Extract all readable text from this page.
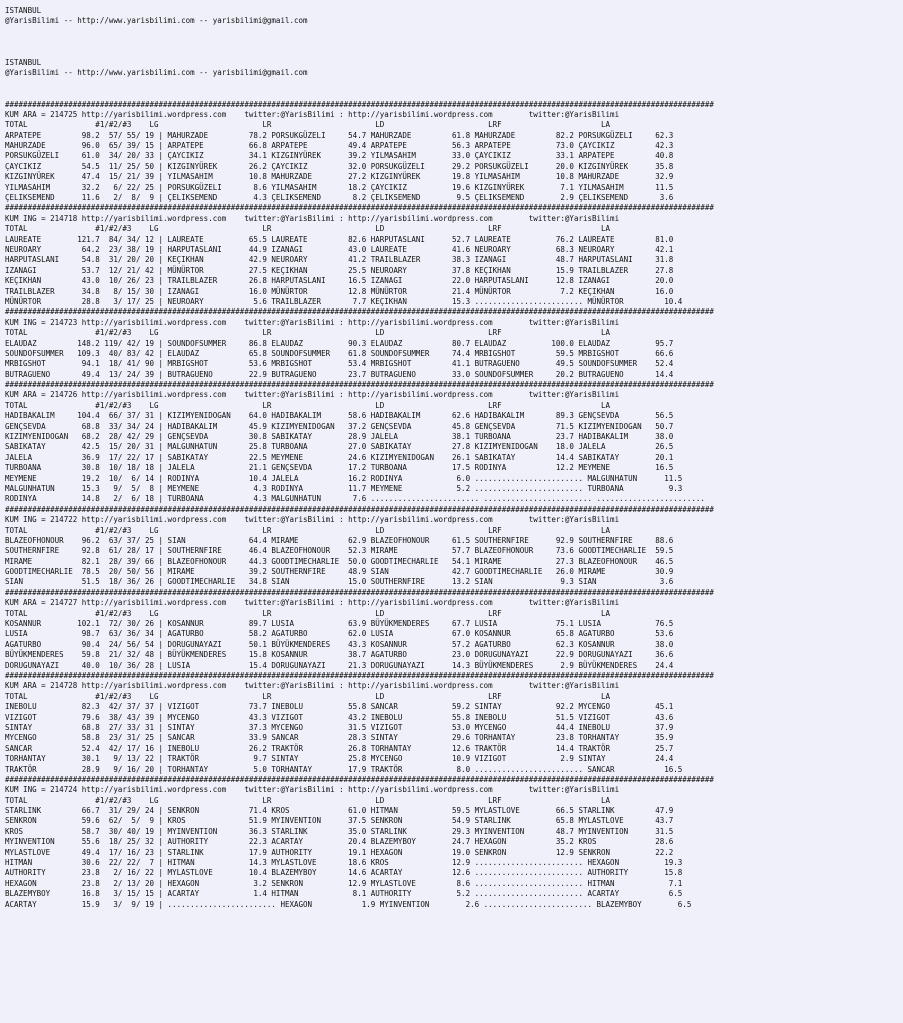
ISTANBUL
@YarisBilimi -- http://www.yarisbilimi.com -- yarisbilimi@gmail.com
ISTANBUL
@YarisBilimi -- http://www.yarisbilimi.com -- yarisbilimi@gmail.com
#############################################################################################################################################################
KUM ARA = 214725 http://yarisbilimi.wordpress.com    twitter:@YarisBilimi : http://yarisbilimi.wordpress.com        twitter:@YarisBilimi
TOTAL               #1/#2/#3    LG                       LR                       LD                       LRF                      LA
ARPATEPE         98.2  57/ 55/ 19 | MAHURZADE         78.2 PORSUKGÜZELI     54.7 MAHURZADE         61.8 MAHURZADE         82.2 PORSUKGÜZELI     62.3
MAHURZADE        96.0  65/ 39/ 15 | ARPATEPE          66.8 ARPATEPE         49.4 ARPATEPE          56.3 ARPATEPE          73.0 ÇAYCIKIZ         42.3
PORSUKGÜZELI     61.0  34/ 20/ 33 | ÇAYCIKIZ          34.1 KIZGINYÜREK      39.2 YILMASAHIM        33.0 ÇAYCIKIZ          33.1 ARPATEPE         40.8
ÇAYCIKIZ         54.5  11/ 25/ 50 | KIZGINYÜREK       26.2 ÇAYCIKIZ         32.0 PORSUKGÜZELI      29.2 PORSUKGÜZELI      20.0 KIZGINYÜREK      35.8
KIZGINYÜREK      47.4  15/ 21/ 39 | YILMASAHIM        10.8 MAHURZADE        27.2 KIZGINYÜREK       19.8 YILMASAHIM        10.8 MAHURZADE        32.9
YILMASAHIM       32.2   6/ 22/ 25 | PORSUKGÜZELI       8.6 YILMASAHIM       18.2 ÇAYCIKIZ          19.6 KIZGINYÜREK        7.1 YILMASAHIM       11.5
ÇELIKSEMEND      11.6   2/  8/  9 | ÇELIKSEMEND        4.3 ÇELIKSEMEND       8.2 ÇELIKSEMEND        9.5 ÇELIKSEMEND        2.9 ÇELIKSEMEND       3.6
#############################################################################################################################################################
KUM ING = 214718 http://yarisbilimi.wordpress.com    twitter:@YarisBilimi : http://yarisbilimi.wordpress.com        twitter:@YarisBilimi
TOTAL               #1/#2/#3    LG                       LR                       LD                       LRF                      LA
LAUREATE        121.7  84/ 34/ 12 | LAUREATE          65.5 LAUREATE         82.6 HARPUTASLANI      52.7 LAUREATE          76.2 LAUREATE         81.0
NEUROARY         64.2  23/ 38/ 19 | HARPUTASLANI      44.9 IZANAGI          43.0 LAUREATE          41.6 NEUROARY          68.3 NEUROARY         42.1
HARPUTASLANI     54.8  31/ 20/ 20 | KEÇIKHAN          42.9 NEUROARY         41.2 TRAILBLAZER       38.3 IZANAGI           48.7 HARPUTASLANI     31.8
IZANAGI          53.7  12/ 21/ 42 | MÜNÜRTOR          27.5 KEÇIKHAN         25.5 NEUROARY          37.8 KEÇIKHAN          15.9 TRAILBLAZER      27.8
KEÇIKHAN         43.0  10/ 26/ 23 | TRAILBLAZER       26.8 HARPUTASLANI     16.5 IZANAGI           22.0 HARPUTASLANI      12.8 IZANAGI          20.0
TRAILBLAZER      34.8   8/ 15/ 30 | IZANAGI           16.0 MÜNÜRTOR         12.8 MÜNÜRTOR          21.4 MÜNÜRTOR           7.2 KEÇIKHAN         16.0
MÜNÜRTOR         28.8   3/ 17/ 25 | NEUROARY           5.6 TRAILBLAZER       7.7 KEÇIKHAN          15.3 ........................ MÜNÜRTOR         10.4
#############################################################################################################################################################
KUM ING = 214723 http://yarisbilimi.wordpress.com    twitter:@YarisBilimi : http://yarisbilimi.wordpress.com        twitter:@YarisBilimi
TOTAL               #1/#2/#3    LG                       LR                       LD                       LRF                      LA
ELAUDAZ         148.2 119/ 42/ 19 | SOUNDOFSUMMER     86.8 ELAUDAZ          90.3 ELAUDAZ           80.7 ELAUDAZ          100.0 ELAUDAZ          95.7
SOUNDOFSUMMER   109.3  40/ 83/ 42 | ELAUDAZ           65.8 SOUNDOFSUMMER    61.8 SOUNDOFSUMMER     74.4 MRBIGSHOT         59.5 MRBIGSHOT        66.6
MRBIGSHOT        94.1  18/ 41/ 90 | MRBIGSHOT         53.6 MRBIGSHOT        53.4 MRBIGSHOT         41.1 BUTRAGUENO        49.5 SOUNDOFSUMMER    52.4
BUTRAGUENO       49.4  13/ 24/ 39 | BUTRAGUENO        22.9 BUTRAGUENO       23.7 BUTRAGUENO        33.0 SOUNDOFSUMMER     20.2 BUTRAGUENO       14.4
#############################################################################################################################################################
KUM ARA = 214726 http://yarisbilimi.wordpress.com    twitter:@YarisBilimi : http://yarisbilimi.wordpress.com        twitter:@YarisBilimi
TOTAL               #1/#2/#3    LG                       LR                       LD                       LRF                      LA
HADIBAKALIM     104.4  66/ 37/ 31 | KIZIMYENIDOGAN    64.0 HADIBAKALIM      58.6 HADIBAKALIM       62.6 HADIBAKALIM       89.3 GENÇSEVDA        56.5
GENÇSEVDA        68.8  33/ 34/ 24 | HADIBAKALIM       45.9 KIZIMYENIDOGAN   37.2 GENÇSEVDA         45.8 GENÇSEVDA         71.5 KIZIMYENIDOGAN   50.7
KIZIMYENIDOGAN   68.2  28/ 42/ 29 | GENÇSEVDA         30.8 SABIKATAY        28.9 JALELA            38.1 TURBOANA          23.7 HADIBAKALIM      38.0
SABIKATAY        42.5  15/ 20/ 31 | MALGUNHATUN       25.8 TURBOANA         27.0 SABIKATAY         27.8 KIZIMYENIDOGAN    18.0 JALELA           26.5
JALELA           36.9  17/ 22/ 17 | SABIKATAY         22.5 MEYMENE          24.6 KIZIMYENIDOGAN    26.1 SABIKATAY         14.4 SABIKATAY        20.1
TURBOANA         30.8  10/ 18/ 18 | JALELA            21.1 GENÇSEVDA        17.2 TURBOANA          17.5 RODINYA           12.2 MEYMENE          16.5
MEYMENE          19.2  10/  6/ 14 | RODINYA           10.4 JALELA           16.2 RODINYA            6.0 ........................ MALGUNHATUN      11.5
MALGUNHATUN      15.3   9/  5/  8 | MEYMENE            4.3 RODINYA          11.7 MEYMENE            5.2 ........................ TURBOANA          9.3
RODINYA          14.8   2/  6/ 18 | TURBOANA           4.3 MALGUNHATUN       7.6 ........................ ........................ ........................
#############################################################################################################################################################
KUM ING = 214722 http://yarisbilimi.wordpress.com    twitter:@YarisBilimi : http://yarisbilimi.wordpress.com        twitter:@YarisBilimi
TOTAL               #1/#2/#3    LG                       LR                       LD                       LRF                      LA
BLAZEOFHONOUR    96.2  63/ 37/ 25 | SIAN              64.4 MIRAME           62.9 BLAZEOFHONOUR     61.5 SOUTHERNFIRE      92.9 SOUTHERNFIRE     88.6
SOUTHERNFIRE     92.8  61/ 28/ 17 | SOUTHERNFIRE      46.4 BLAZEOFHONOUR    52.3 MIRAME            57.7 BLAZEOFHONOUR     73.6 GOODTIMECHARLIE  59.5
MIRAME           82.1  28/ 39/ 66 | BLAZEOFHONOUR     44.3 GOODTIMECHARLIE  50.0 GOODTIMECHARLIE   54.1 MIRAME            27.3 BLAZEOFHONOUR    46.5
GOODTIMECHARLIE  78.5  20/ 50/ 56 | MIRAME            39.2 SOUTHERNFIRE     48.9 SIAN              42.7 GOODTIMECHARLIE   26.0 MIRAME           30.9
SIAN             51.5  18/ 36/ 26 | GOODTIMECHARLIE   34.8 SIAN             15.0 SOUTHERNFIRE      13.2 SIAN               9.3 SIAN              3.6
#############################################################################################################################################################
KUM ARA = 214727 http://yarisbilimi.wordpress.com    twitter:@YarisBilimi : http://yarisbilimi.wordpress.com        twitter:@YarisBilimi
TOTAL               #1/#2/#3    LG                       LR                       LD                       LRF                      LA
KOSANNUR        102.1  72/ 30/ 26 | KOSANNUR          89.7 LUSIA            63.9 BÜYÜKMENDERES     67.7 LUSIA             75.1 LUSIA            76.5
LUSIA            98.7  63/ 36/ 34 | AGATURBO          58.2 AGATURBO         62.0 LUSIA             67.0 KOSANNUR          65.8 AGATURBO         53.6
AGATURBO         90.4  24/ 56/ 54 | DORUGUNAYAZI      50.1 BÜYÜKMENDERES    43.3 KOSANNUR          57.2 AGATURBO          62.3 KOSANNUR         38.0
BÜYÜKMENDERES    59.8  21/ 32/ 48 | BÜYÜKMENDERES     15.8 KOSANNUR         38.7 AGATURBO          23.0 DORUGUNAYAZI      22.9 DORUGUNAYAZI     36.6
DORUGUNAYAZI     40.0  10/ 36/ 28 | LUSIA             15.4 DORUGUNAYAZI     21.3 DORUGUNAYAZI      14.3 BÜYÜKMENDERES      2.9 BÜYÜKMENDERES    24.4
#############################################################################################################################################################
KUM ARA = 214728 http://yarisbilimi.wordpress.com    twitter:@YarisBilimi : http://yarisbilimi.wordpress.com        twitter:@YarisBilimi
TOTAL               #1/#2/#3    LG                       LR                       LD                       LRF                      LA
INEBOLU          82.3  42/ 37/ 37 | VIZIGOT           73.7 INEBOLU          55.8 SANCAR            59.2 SINTAY            92.2 MYCENGO          45.1
VIZIGOT          79.6  38/ 43/ 39 | MYCENGO           43.3 VIZIGOT          43.2 INEBOLU           55.8 INEBOLU           51.5 VIZIGOT          43.6
SINTAY           68.8  27/ 33/ 31 | SINTAY            37.3 MYCENGO          31.5 VIZIGOT           53.0 MYCENGO           44.4 INEBOLU          37.9
MYCENGO          58.8  23/ 31/ 25 | SANCAR            33.9 SANCAR           28.3 SINTAY            29.6 TORHANTAY         23.8 TORHANTAY        35.9
SANCAR           52.4  42/ 17/ 16 | INEBOLU           26.2 TRAKTÖR          26.8 TORHANTAY         12.6 TRAKTÖR           14.4 TRAKTÖR          25.7
TORHANTAY        30.1   9/ 13/ 22 | TRAKTÖR            9.7 SINTAY           25.8 MYCENGO           10.9 VIZIGOT            2.9 SINTAY           24.4
TRAKTÖR          28.9   9/ 16/ 20 | TORHANTAY          5.0 TORHANTAY        17.9 TRAKTÖR            8.0 ........................ SANCAR           16.5
#############################################################################################################################################################
KUM ING = 214724 http://yarisbilimi.wordpress.com    twitter:@YarisBilimi : http://yarisbilimi.wordpress.com        twitter:@YarisBilimi
TOTAL               #1/#2/#3    LG                       LR                       LD                       LRF                      LA
STARLINK         66.7  31/ 29/ 24 | SENKRON           71.4 KROS             61.0 HITMAN            59.5 MYLASTLOVE        66.5 STARLINK         47.9
SENKRON          59.6  62/  5/  9 | KROS              51.9 MYINVENTION      37.5 SENKRON           54.9 STARLINK          65.8 MYLASTLOVE       43.7
KROS             58.7  30/ 40/ 19 | MYINVENTION       36.3 STARLINK         35.0 STARLINK          29.3 MYINVENTION       48.7 MYINVENTION      31.5
MYINVENTION      55.6  18/ 25/ 32 | AUTHORITY         22.3 ACARTAY          20.4 BLAZEMYBOY        24.7 HEXAGON           35.2 KROS             28.6
MYLASTLOVE       49.4  17/ 16/ 23 | STARLINK          17.9 AUTHORITY        19.1 HEXAGON           19.0 SENKRON           12.9 SENKRON          22.2
HITMAN           30.6  22/ 22/  7 | HITMAN            14.3 MYLASTLOVE       18.6 KROS              12.9 ........................ HEXAGON          19.3
AUTHORITY        23.8   2/ 16/ 22 | MYLASTLOVE        10.4 BLAZEMYBOY       14.6 ACARTAY           12.6 ........................ AUTHORITY        15.8
HEXAGON          23.8   2/ 13/ 20 | HEXAGON            3.2 SENKRON          12.9 MYLASTLOVE         8.6 ........................ HITMAN            7.1
BLAZEMYBOY       16.8   3/ 15/ 15 | ACARTAY            1.4 HITMAN            8.1 AUTHORITY          5.2 ........................ ACARTAY           6.5
ACARTAY          15.9   3/  9/ 19 | ........................ HEXAGON           1.9 MYINVENTION        2.6 ........................ BLAZEMYBOY        6.5
